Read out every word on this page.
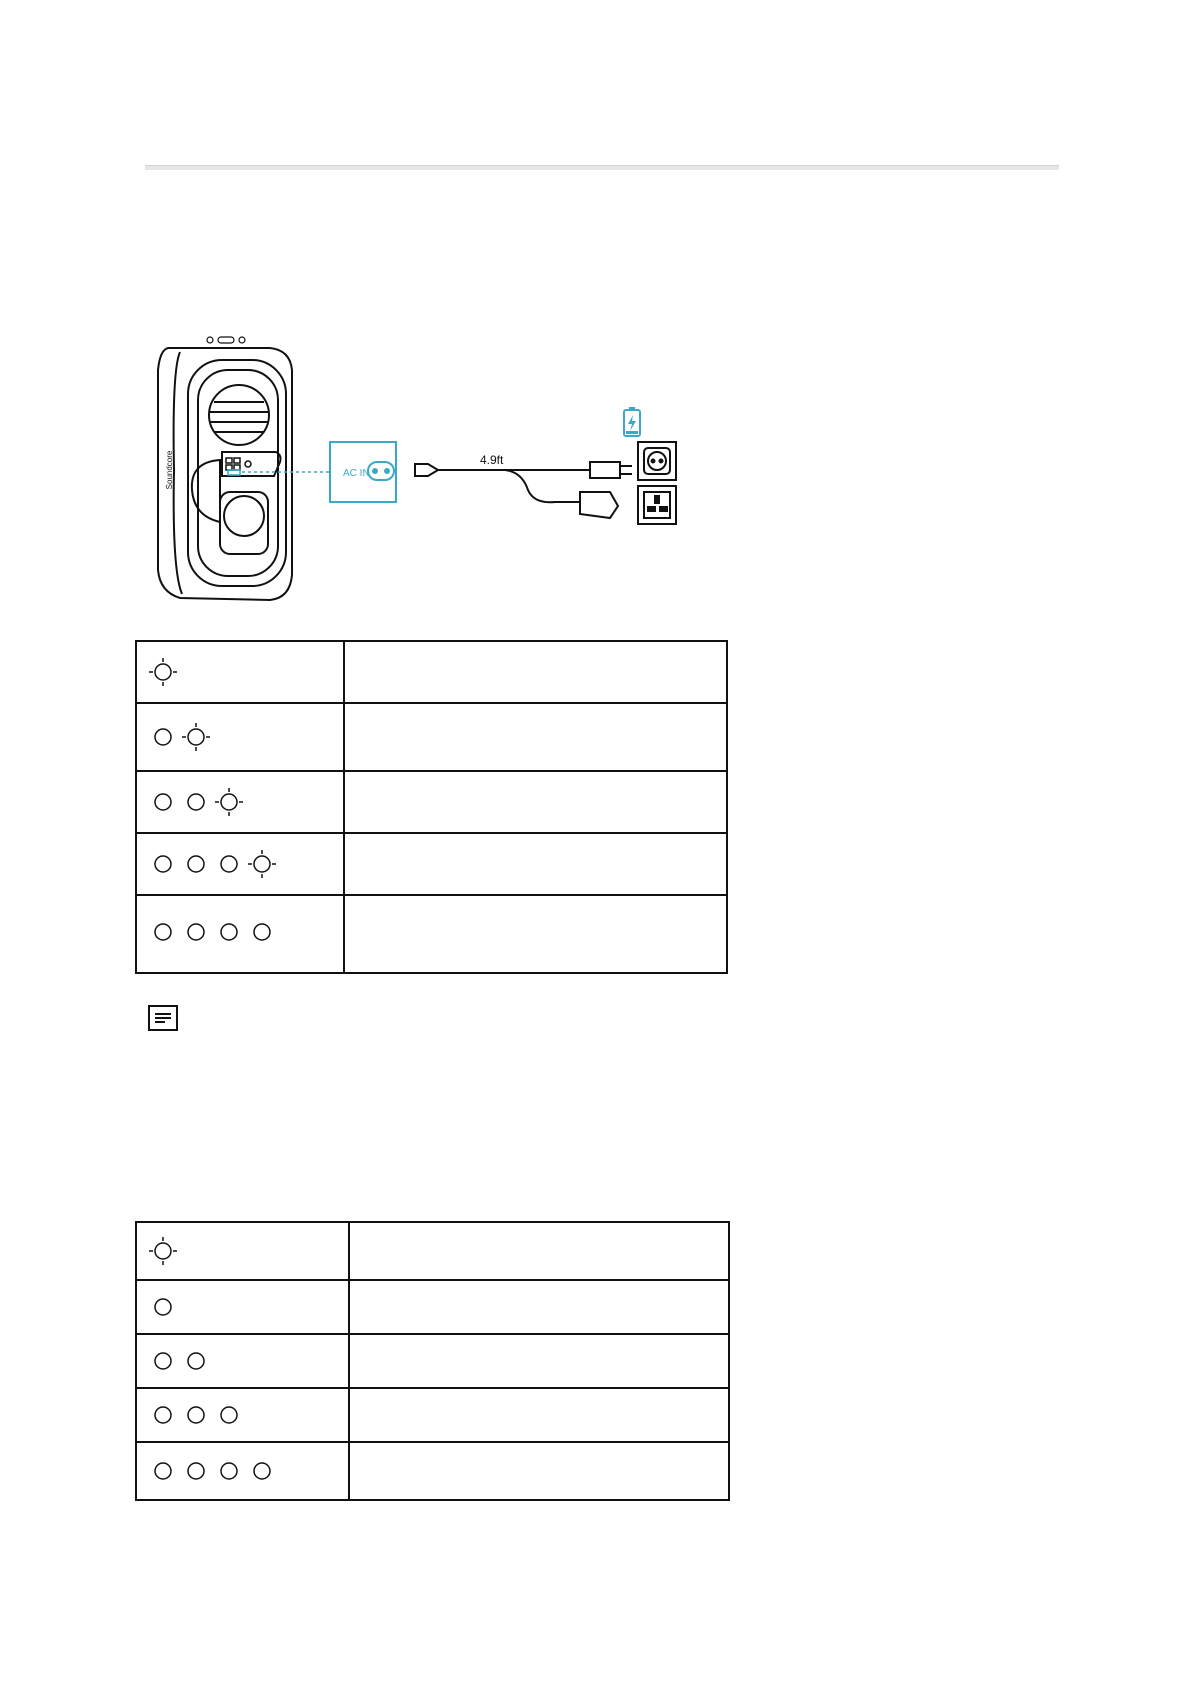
Soundcore	AC IN
4.9ft
